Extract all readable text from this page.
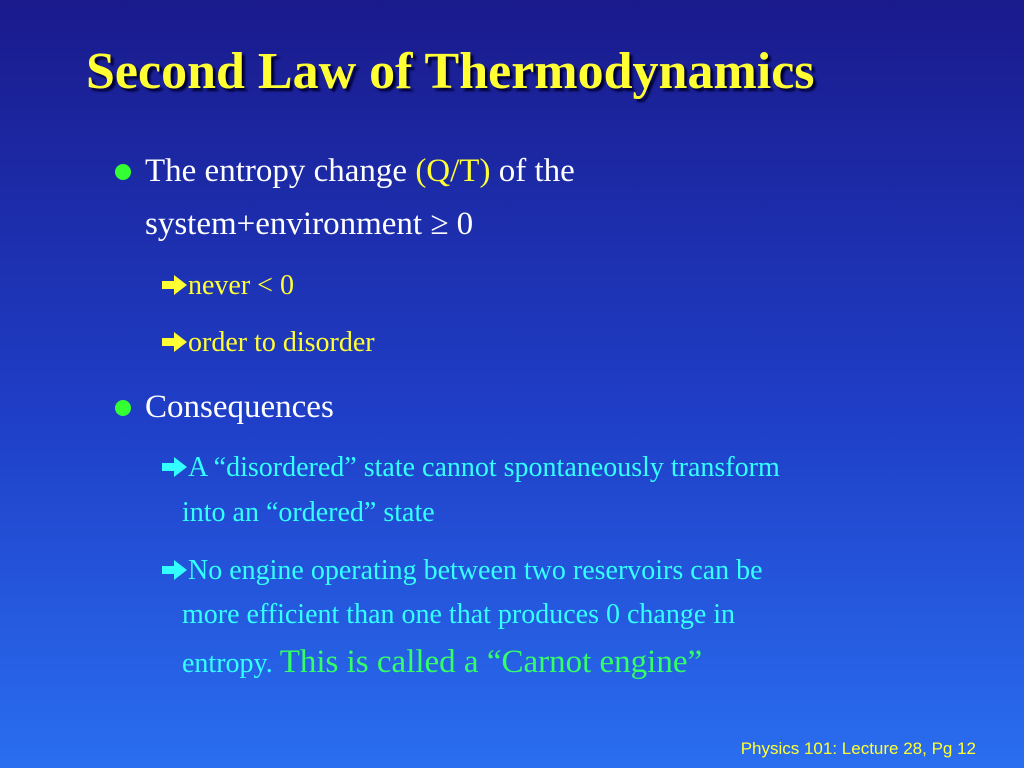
Second Law of Thermodynamics
The entropy change (Q/T) of the
system+environment ≥ 0
never < 0
order to disorder
Consequences
A “disordered” state cannot spontaneously transform
into an “ordered” state
No engine operating between two reservoirs can be
more efficient than one that produces 0 change in
entropy. This is called a “Carnot engine”
Physics 101: Lecture 28, Pg 12
